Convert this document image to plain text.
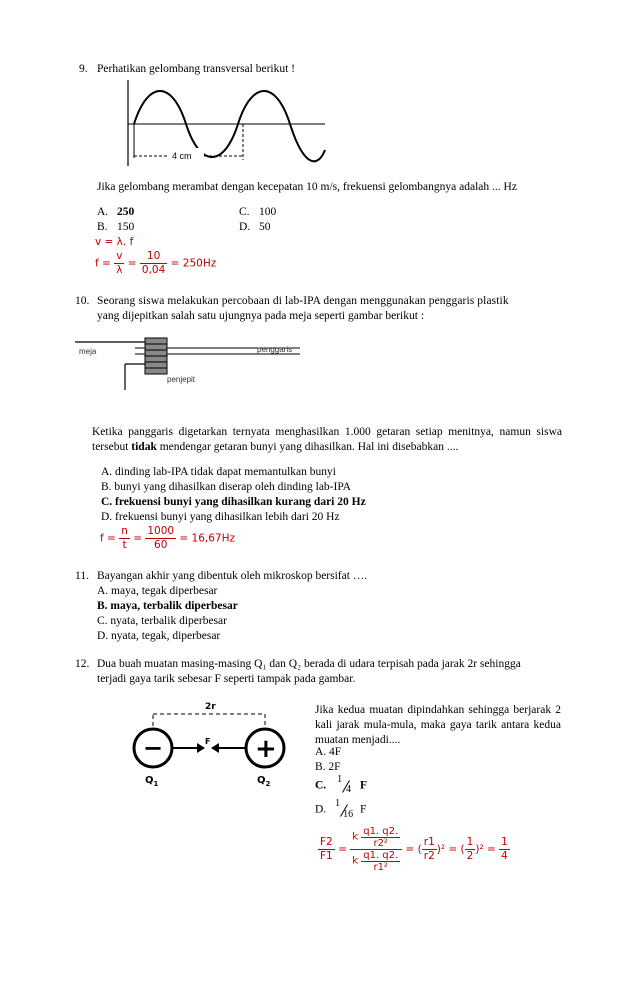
9. Perhatikan gelombang transversal berikut !
4 cm
Jika gelombang merambat dengan kecepatan 10 m/s, frekuensi gelombangnya adalah ... Hz
A. 250
B. 150
C. 100
D. 50
v = λ. f
$f = \frac{v}{\lambda} = \frac{10}{0,04} = 250Hz$
10. Seorang siswa melakukan percobaan di lab-IPA dengan menggunakan penggaris plastik
yang dijepitkan salah satu ujungnya pada meja seperti gambar berikut :
meja	penggaris
penjepit
Ketika panggaris digetarkan ternyata menghasilkan 1.000 getaran setiap menitnya, namun siswa tersebut tidak mendengar getaran bunyi yang dihasilkan. Hal ini disebabkan ....
A. dinding lab-IPA tidak dapat memantulkan bunyi
B. bunyi yang dihasilkan diserap oleh dinding lab-IPA
C. frekuensi bunyi yang dihasilkan kurang dari 20 Hz
D. frekuensi bunyi yang dihasilkan lebih dari 20 Hz
$f = \frac{n}{t} = \frac{1000}{60} = 16,67Hz$
11. Bayangan akhir yang dibentuk oleh mikroskop bersifat ….
A. maya, tegak diperbesar
B. maya, terbalik diperbesar
C. nyata, terbalik diperbesar
D. nyata, tegak, diperbesar
12. Dua buah muatan masing-masing Q₁ dan Q₂ berada di udara terpisah pada jarak 2r sehingga
terjadi gaya tarik sebesar F seperti tampak pada gambar.
2r
−	+
F
$Q_1$	$Q_2$
Jika kedua muatan dipindahkan sehingga berjarak 2 kali jarak mula-mula, maka gaya tarik antara kedua muatan menjadi....
A. 4F
B. 2F
C.
1
4 F
D.
1
16 F
$\frac{F2}{F1} = \frac{k \frac{q1. q2.}{\text{r2²}}}{k \frac{q1. q2.}{\text{r1²}}}$ = ( $\frac{r1}{r2} )^2$ = ( $\frac{1}{2} )^2 = \frac{1}{4}$
